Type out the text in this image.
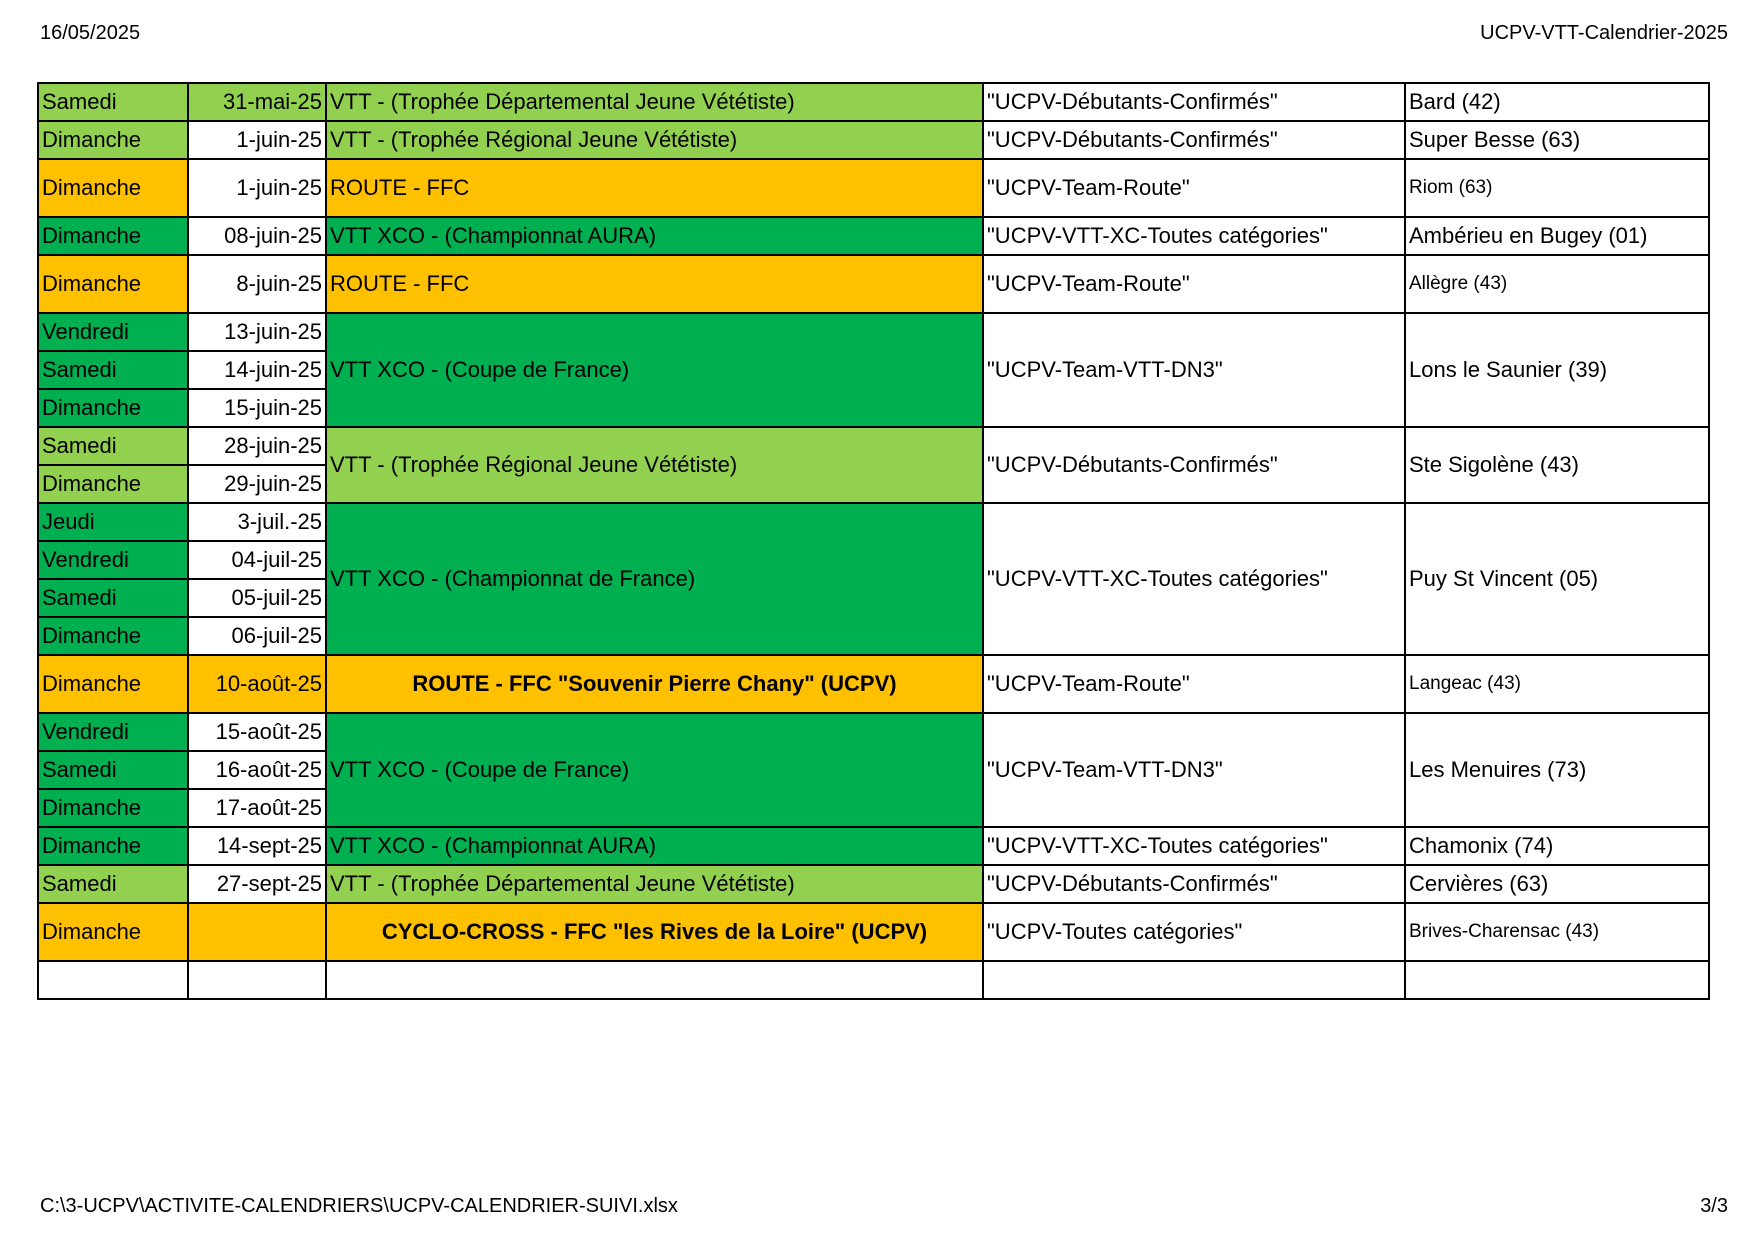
16/05/2025	UCPV-VTT-Calendrier-2025
Samedi	31-mai-25	VTT - (Trophée Départemental Jeune Vététiste)	"UCPV-Débutants-Confirmés"	Bard (42)
Dimanche	1-juin-25	VTT - (Trophée Régional Jeune Vététiste)	"UCPV-Débutants-Confirmés"	Super Besse (63)
Dimanche	1-juin-25	ROUTE - FFC	"UCPV-Team-Route"	Riom (63)
Dimanche	08-juin-25	VTT XCO - (Championnat AURA)	"UCPV-VTT-XC-Toutes catégories"	Ambérieu en Bugey (01)
Dimanche	8-juin-25	ROUTE - FFC	"UCPV-Team-Route"	Allègre (43)
Vendredi	13-juin-25	VTT XCO - (Coupe de France)	"UCPV-Team-VTT-DN3"	Lons le Saunier (39)
Samedi	14-juin-25			
Dimanche	15-juin-25			
Samedi	28-juin-25	VTT - (Trophée Régional Jeune Vététiste)	"UCPV-Débutants-Confirmés"	Ste Sigolène (43)
Dimanche	29-juin-25			
Jeudi	3-juil.-25	VTT XCO - (Championnat de France)	"UCPV-VTT-XC-Toutes catégories"	Puy St Vincent (05)
Vendredi	04-juil-25			
Samedi	05-juil-25			
Dimanche	06-juil-25			
Dimanche	10-août-25	ROUTE - FFC "Souvenir Pierre Chany" (UCPV)	"UCPV-Team-Route"	Langeac (43)
Vendredi	15-août-25	VTT XCO - (Coupe de France)	"UCPV-Team-VTT-DN3"	Les Menuires (73)
Samedi	16-août-25			
Dimanche	17-août-25			
Dimanche	14-sept-25	VTT XCO - (Championnat AURA)	"UCPV-VTT-XC-Toutes catégories"	Chamonix (74)
Samedi	27-sept-25	VTT - (Trophée Départemental Jeune Vététiste)	"UCPV-Débutants-Confirmés"	Cervières (63)
Dimanche		CYCLO-CROSS - FFC "les Rives de la Loire" (UCPV)	"UCPV-Toutes catégories"	Brives-Charensac (43)

C:\3-UCPV\ACTIVITE-CALENDRIERS\UCPV-CALENDRIER-SUIVI.xlsx	3/3
